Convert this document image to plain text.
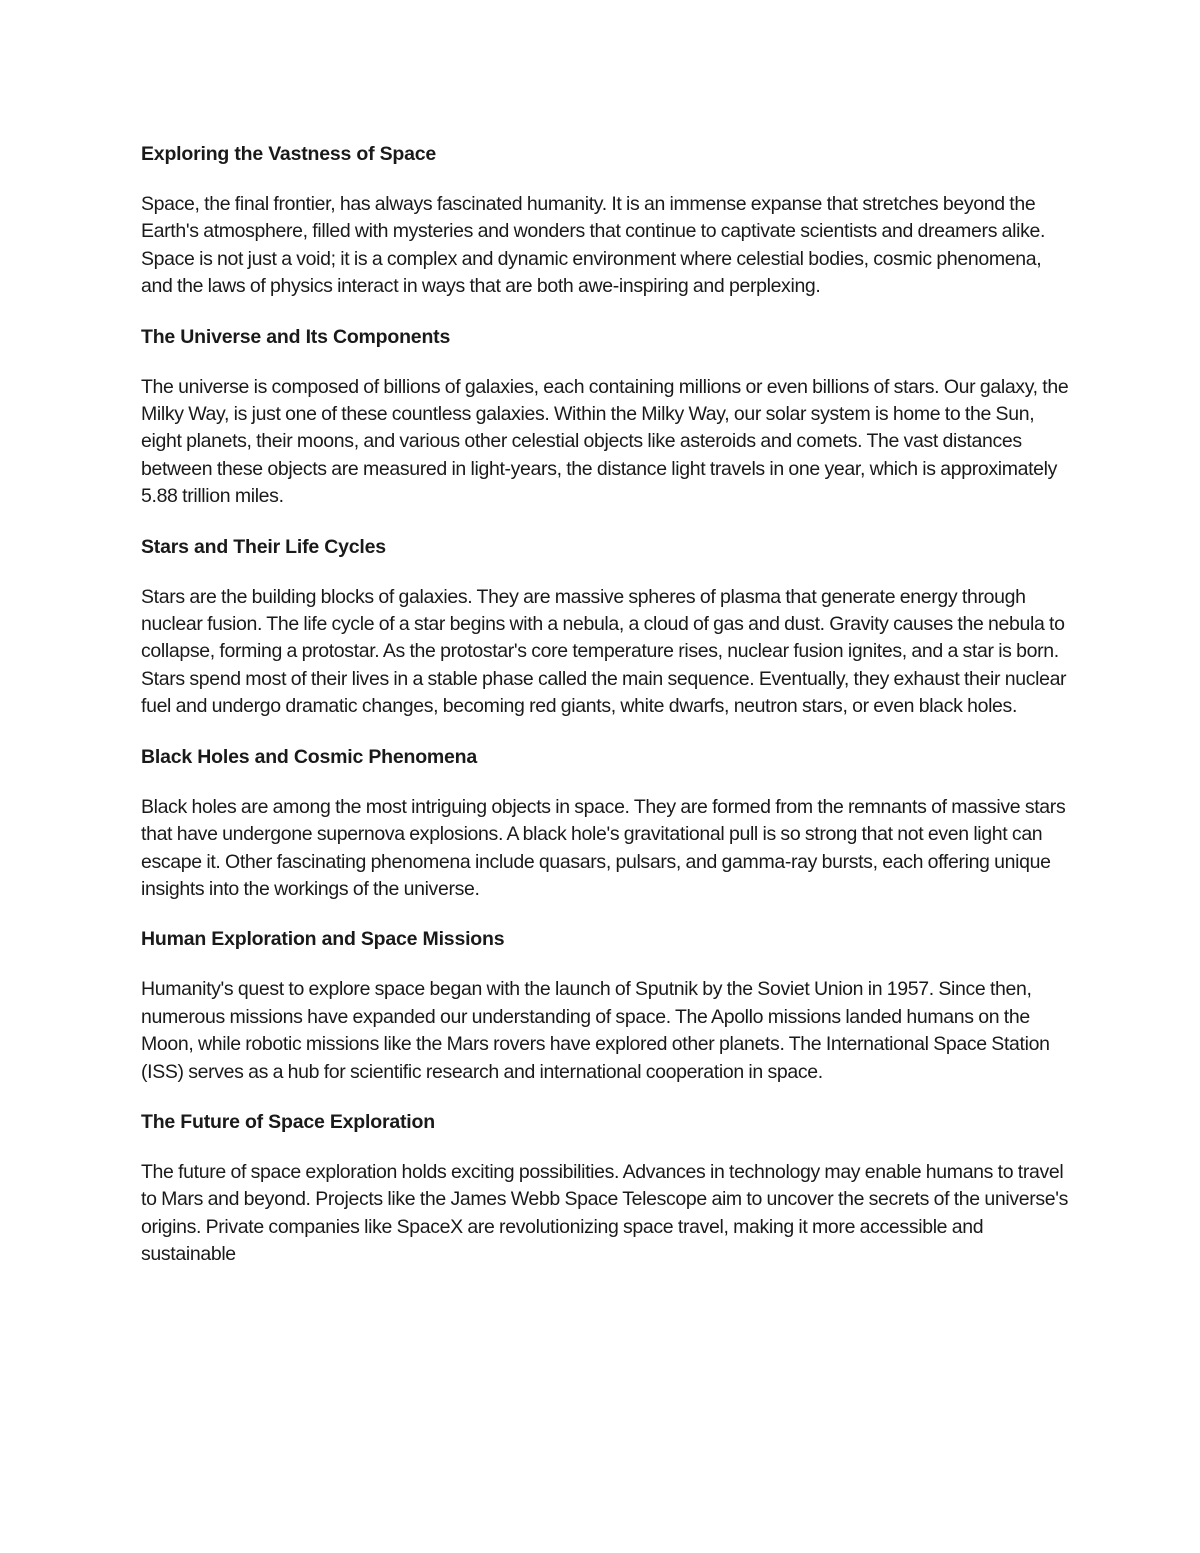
Exploring the Vastness of Space
Space, the final frontier, has always fascinated humanity. It is an immense expanse that stretches beyond the Earth's atmosphere, filled with mysteries and wonders that continue to captivate scientists and dreamers alike. Space is not just a void; it is a complex and dynamic environment where celestial bodies, cosmic phenomena, and the laws of physics interact in ways that are both awe-inspiring and perplexing.
The Universe and Its Components
The universe is composed of billions of galaxies, each containing millions or even billions of stars. Our galaxy, the Milky Way, is just one of these countless galaxies. Within the Milky Way, our solar system is home to the Sun, eight planets, their moons, and various other celestial objects like asteroids and comets. The vast distances between these objects are measured in light-years, the distance light travels in one year, which is approximately 5.88 trillion miles.
Stars and Their Life Cycles
Stars are the building blocks of galaxies. They are massive spheres of plasma that generate energy through nuclear fusion. The life cycle of a star begins with a nebula, a cloud of gas and dust. Gravity causes the nebula to collapse, forming a protostar. As the protostar's core temperature rises, nuclear fusion ignites, and a star is born. Stars spend most of their lives in a stable phase called the main sequence. Eventually, they exhaust their nuclear fuel and undergo dramatic changes, becoming red giants, white dwarfs, neutron stars, or even black holes.
Black Holes and Cosmic Phenomena
Black holes are among the most intriguing objects in space. They are formed from the remnants of massive stars that have undergone supernova explosions. A black hole's gravitational pull is so strong that not even light can escape it. Other fascinating phenomena include quasars, pulsars, and gamma-ray bursts, each offering unique insights into the workings of the universe.
Human Exploration and Space Missions
Humanity's quest to explore space began with the launch of Sputnik by the Soviet Union in 1957. Since then, numerous missions have expanded our understanding of space. The Apollo missions landed humans on the Moon, while robotic missions like the Mars rovers have explored other planets. The International Space Station (ISS) serves as a hub for scientific research and international cooperation in space.
The Future of Space Exploration
The future of space exploration holds exciting possibilities. Advances in technology may enable humans to travel to Mars and beyond. Projects like the James Webb Space Telescope aim to uncover the secrets of the universe's origins. Private companies like SpaceX are revolutionizing space travel, making it more accessible and sustainable
